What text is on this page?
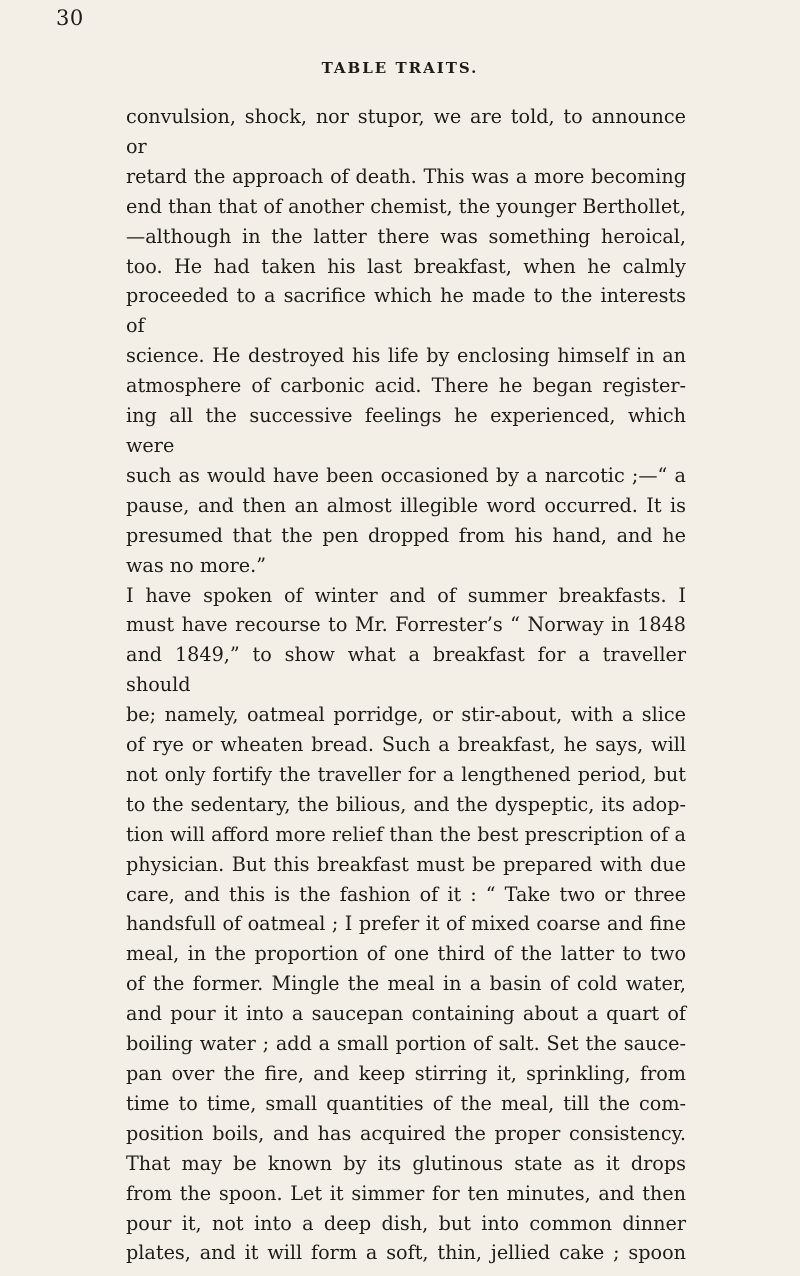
30
TABLE TRAITS.

convulsion, shock, nor stupor, we are told, to announce or

retard the approach of death. This was a more becoming

end than that of another chemist, the younger Berthollet,

—although in the latter there was something heroical,

too. He had taken his last breakfast, when he calmly

proceeded to a sacrifice which he made to the interests of

science. He destroyed his life by enclosing himself in an

atmosphere of carbonic acid. There he began register-

ing all the successive feelings he experienced, which were

such as would have been occasioned by a narcotic ;—“ a

pause, and then an almost illegible word occurred. It is

presumed that the pen dropped from his hand, and he

was no more.”

I have spoken of winter and of summer breakfasts. I

must have recourse to Mr. Forrester’s “ Norway in 1848

and 1849,” to show what a breakfast for a traveller should

be; namely, oatmeal porridge, or stir-about, with a slice

of rye or wheaten bread. Such a breakfast, he says, will

not only fortify the traveller for a lengthened period, but

to the sedentary, the bilious, and the dyspeptic, its adop-

tion will afford more relief than the best prescription of a

physician. But this breakfast must be prepared with due

care, and this is the fashion of it : “ Take two or three

handsfull of oatmeal ; I prefer it of mixed coarse and fine

meal, in the proportion of one third of the latter to two

of the former. Mingle the meal in a basin of cold water,

and pour it into a saucepan containing about a quart of

boiling water ; add a small portion of salt. Set the sauce-

pan over the fire, and keep stirring it, sprinkling, from

time to time, small quantities of the meal, till the com-

position boils, and has acquired the proper consistency.

That may be known by its glutinous state as it drops

from the spoon. Let it simmer for ten minutes, and then

pour it, not into a deep dish, but into common dinner

plates, and it will form a soft, thin, jellied cake ; spoon
